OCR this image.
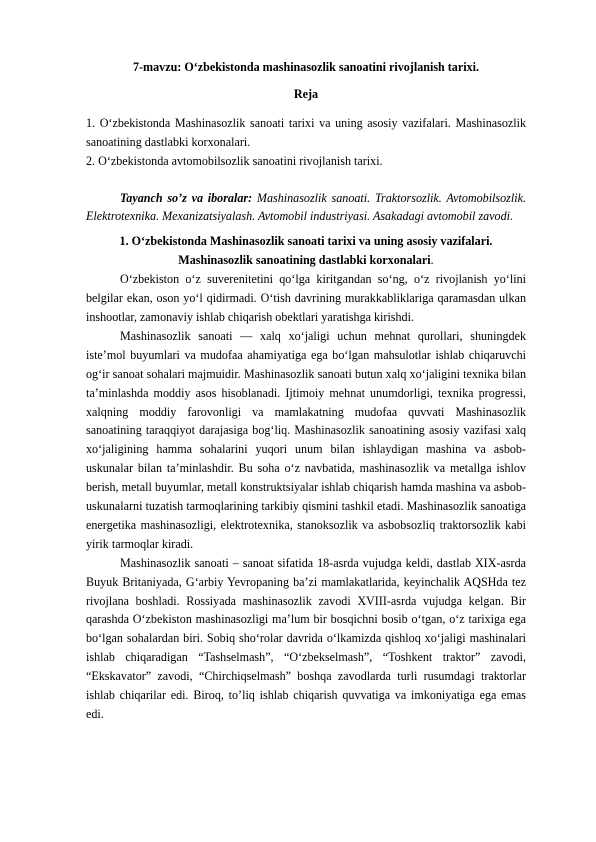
7-mavzu: O‘zbekistonda mashinasozlik sanoatini rivojlanish tarixi.

Reja

1. O‘zbekistonda Mashinasozlik sanoati tarixi va uning asosiy vazifalari. Mashinasozlik sanoatining dastlabki korxonalari.

2. O‘zbekistonda avtomobilsozlik sanoatini rivojlanish tarixi.

Tayanch so’z va iboralar: Mashinasozlik sanoati. Traktorsozlik. Avtomobilsozlik. Elektrotexnika. Mexanizatsiyalash. Avtomobil industriyasi. Asakadagi avtomobil zavodi.

1. O‘zbekistonda Mashinasozlik sanoati tarixi va uning asosiy vazifalari.

Mashinasozlik sanoatining dastlabki korxonalari.

O‘zbekiston o‘z suverenitetini qo‘lga kiritgandan so‘ng, o‘z rivojlanish yo‘lini belgilar ekan, oson yo‘l qidirmadi. O‘tish davrining murakkabliklariga qaramasdan ulkan inshootlar, zamonaviy ishlab chiqarish obektlari yaratishga kirishdi.

Mashinasozlik sanoati — xalq xo‘jaligi uchun mehnat qurollari, shuningdek iste’mol buyumlari va mudofaa ahamiyatiga ega bo‘lgan mahsulotlar ishlab chiqaruvchi og‘ir sanoat sohalari majmuidir. Mashinasozlik sanoati butun xalq xo‘jaligini texnika bilan ta’minlashda moddiy asos hisoblanadi. Ijtimoiy mehnat unumdorligi, texnika progressi, xalqning moddiy farovonligi va mamlakatning mudofaa quvvati Mashinasozlik sanoatining taraqqiyot darajasiga bog‘liq. Mashinasozlik sanoatining asosiy vazifasi xalq xo‘jaligining hamma sohalarini yuqori unum bilan ishlaydigan mashina va asbob-uskunalar bilan ta’minlashdir. Bu soha o‘z navbatida, mashinasozlik va metallga ishlov berish, metall buyumlar, metall konstruktsiyalar ishlab chiqarish hamda mashina va asbob-uskunalarni tuzatish tarmoqlarining tarkibiy qismini tashkil etadi. Mashinasozlik sanoatiga energetika mashinasozligi, elektrotexnika, stanoksozlik va asbobsozliq traktorsozlik kabi yirik tarmoqlar kiradi.

Mashinasozlik sanoati – sanoat sifatida 18-asrda vujudga keldi, dastlab XIX-asrda Buyuk Britaniyada, G‘arbiy Yevropaning ba’zi mamlakatlarida, keyinchalik AQSHda tez rivojlana boshladi. Rossiyada mashinasozlik zavodi XVIII-asrda vujudga kelgan. Bir qarashda O‘zbekiston mashinasozligi ma’lum bir bosqichni bosib o‘tgan, o‘z tarixiga ega bo‘lgan sohalardan biri. Sobiq sho‘rolar davrida o‘lkamizda qishloq xo‘jaligi mashinalari ishlab chiqaradigan “Tashselmash”, “O‘zbekselmash”, “Toshkent traktor” zavodi, “Ekskavator” zavodi, “Chirchiqselmash” boshqa zavodlarda turli rusumdagi traktorlar ishlab chiqarilar edi. Biroq, to’liq ishlab chiqarish quvvatiga va imkoniyatiga ega emas edi.
